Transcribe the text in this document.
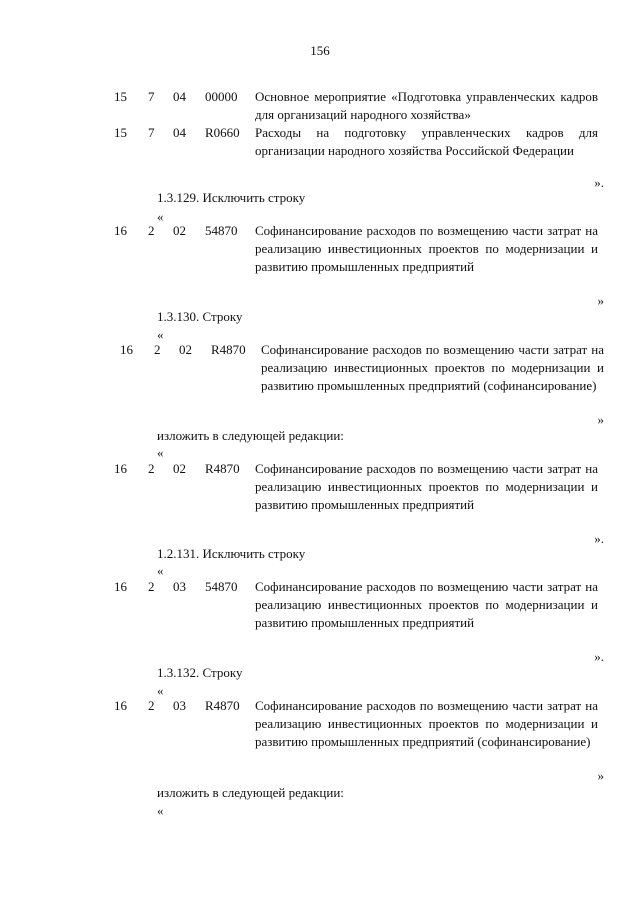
156
15 7 04 00000 Основное мероприятие «Подготовка управленческих кадров для организаций народного хозяйства»
15 7 04 R0660 Расходы на подготовку управленческих кадров для организации народного хозяйства Российской Федерации
».
1.3.129. Исключить строку
«
16 2 02 54870 Софинансирование расходов по возмещению части затрат на реализацию инвестиционных проектов по модернизации и развитию промышленных предприятий
»
1.3.130. Строку
«
16 2 02 R4870 Софинансирование расходов по возмещению части затрат на реализацию инвестиционных проектов по модернизации и развитию промышленных предприятий (софинансирование)
»
изложить в следующей редакции:
«
16 2 02 R4870 Софинансирование расходов по возмещению части затрат на реализацию инвестиционных проектов по модернизации и развитию промышленных предприятий
».
1.2.131. Исключить строку
«
16 2 03 54870 Софинансирование расходов по возмещению части затрат на реализацию инвестиционных проектов по модернизации и развитию промышленных предприятий
».
1.3.132. Строку
«
16 2 03 R4870 Софинансирование расходов по возмещению части затрат на реализацию инвестиционных проектов по модернизации и развитию промышленных предприятий (софинансирование)
»
изложить в следующей редакции:
«
